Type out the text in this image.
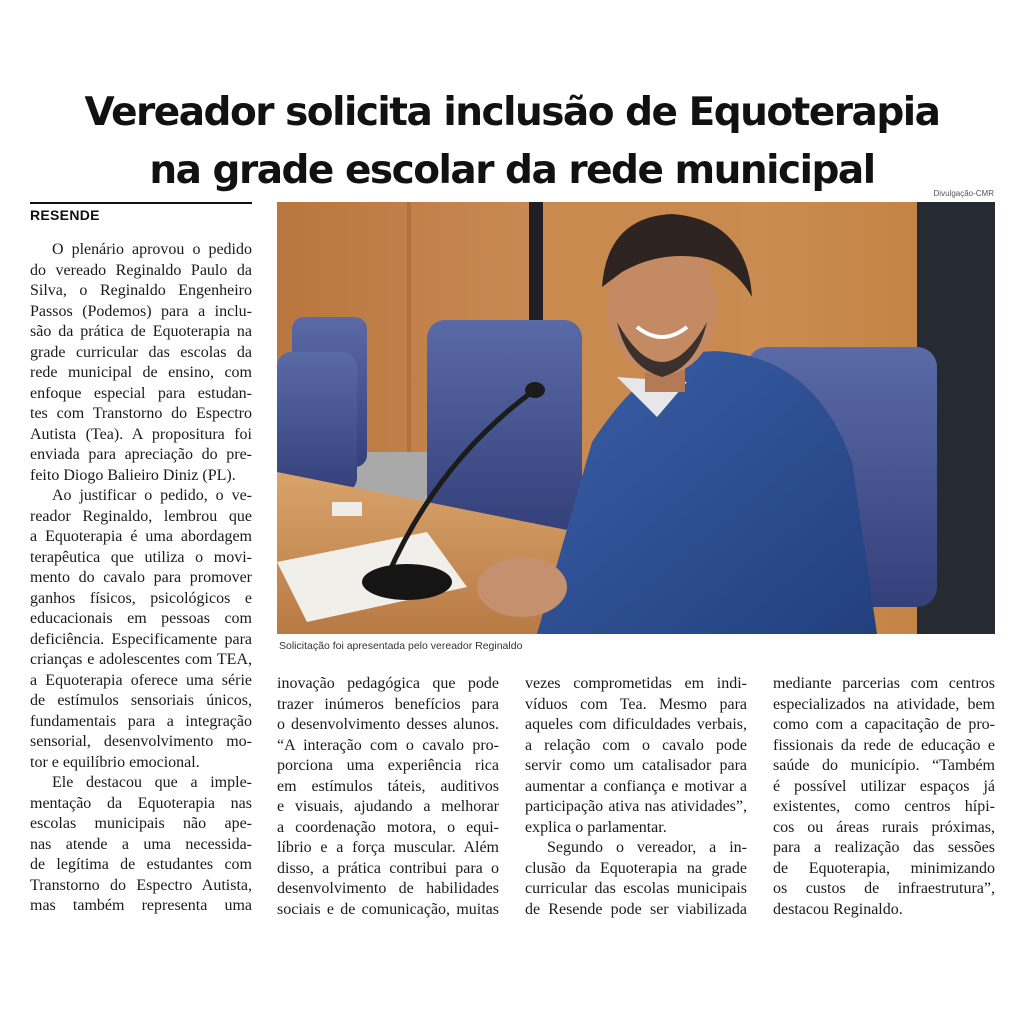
Vereador solicita inclusão de Equoterapia
na grade escolar da rede municipal
Divulgação-CMR
RESENDE
Solicitação foi apresentada pelo vereador Reginaldo
O plenário aprovou o pedido
do vereado Reginaldo Paulo da
Silva, o Reginaldo Engenheiro
Passos (Podemos) para a inclu-
são da prática de Equoterapia na
grade curricular das escolas da
rede municipal de ensino, com
enfoque especial para estudan-
tes com Transtorno do Espectro
Autista (Tea). A propositura foi
enviada para apreciação do pre-
feito Diogo Balieiro Diniz (PL).
Ao justificar o pedido, o ve-
reador Reginaldo, lembrou que
a Equoterapia é uma abordagem
terapêutica que utiliza o movi-
mento do cavalo para promover
ganhos físicos, psicológicos e
educacionais em pessoas com
deficiência. Especificamente para
crianças e adolescentes com TEA,
a Equoterapia oferece uma série
de estímulos sensoriais únicos,
fundamentais para a integração
sensorial, desenvolvimento mo-
tor e equilíbrio emocional.
Ele destacou que a imple-
mentação da Equoterapia nas
escolas municipais não ape-
nas atende a uma necessida-
de legítima de estudantes com
Transtorno do Espectro Autista,
mas também representa uma
inovação pedagógica que pode
trazer inúmeros benefícios para
o desenvolvimento desses alunos.
“A interação com o cavalo pro-
porciona uma experiência rica
em estímulos táteis, auditivos
e visuais, ajudando a melhorar
a coordenação motora, o equi-
líbrio e a força muscular. Além
disso, a prática contribui para o
desenvolvimento de habilidades
sociais e de comunicação, muitas
vezes comprometidas em indi-
víduos com Tea. Mesmo para
aqueles com dificuldades verbais,
a relação com o cavalo pode
servir como um catalisador para
aumentar a confiança e motivar a
participação ativa nas atividades”,
explica o parlamentar.
Segundo o vereador, a in-
clusão da Equoterapia na grade
curricular das escolas municipais
de Resende pode ser viabilizada
mediante parcerias com centros
especializados na atividade, bem
como com a capacitação de pro-
fissionais da rede de educação e
saúde do município. “Também
é possível utilizar espaços já
existentes, como centros hípi-
cos ou áreas rurais próximas,
para a realização das sessões
de Equoterapia, minimizando
os custos de infraestrutura”,
destacou Reginaldo.
